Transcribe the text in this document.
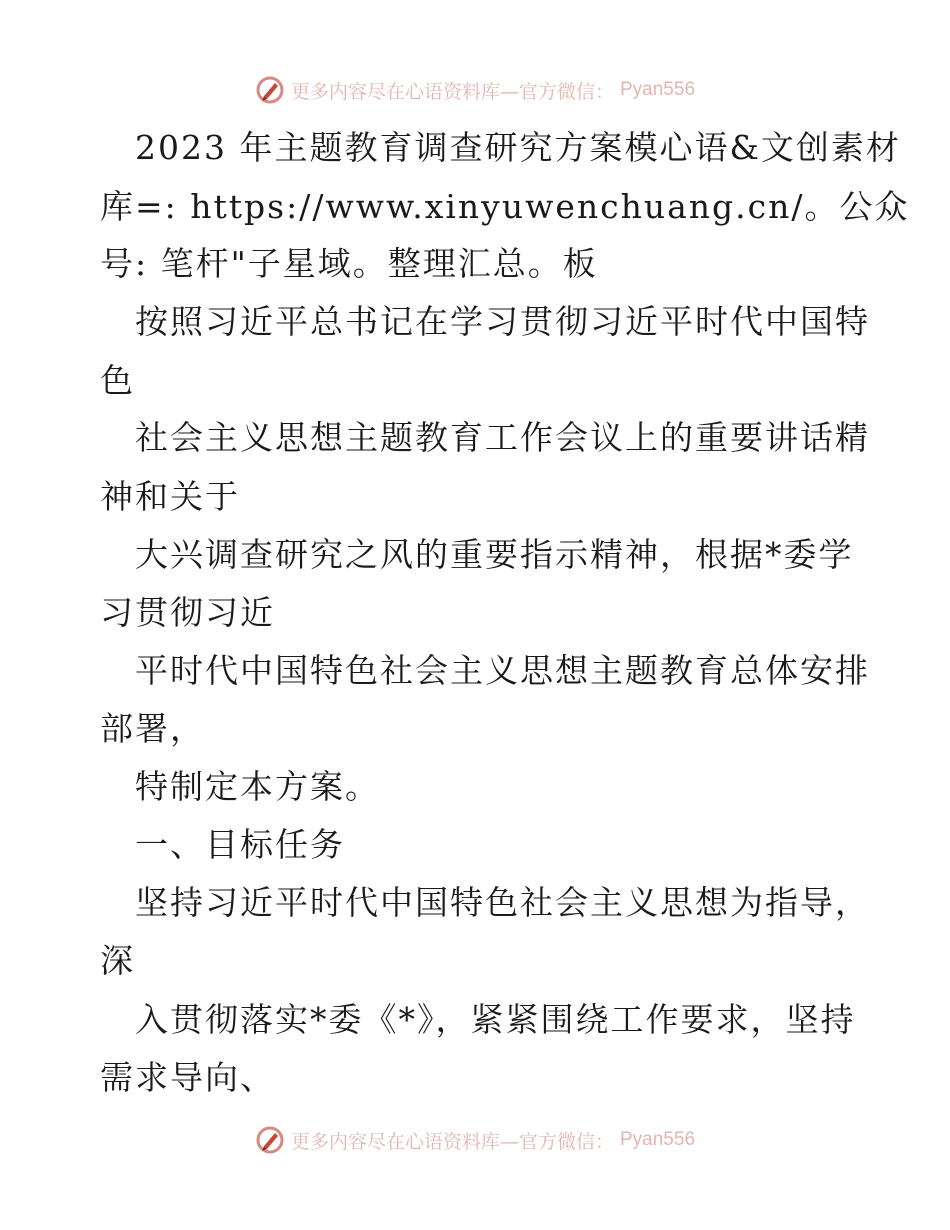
更多内容尽在心语资料库—官方微信： Pyan556
2023 年主题教育调查研究方案模心语&文创素材
库=: https://www.xinyuwenchuang.cn/。公众
号: 笔杆"子星域。整理汇总。板
按照习近平总书记在学习贯彻习近平时代中国特
色
社会主义思想主题教育工作会议上的重要讲话精
神和关于
大兴调查研究之风的重要指示精神，根据*委学
习贯彻习近
平时代中国特色社会主义思想主题教育总体安排
部署，
特制定本方案。
一、目标任务
坚持习近平时代中国特色社会主义思想为指导，
深
入贯彻落实*委《*》，紧紧围绕工作要求，坚持
需求导向、
更多内容尽在心语资料库—官方微信： Pyan556
